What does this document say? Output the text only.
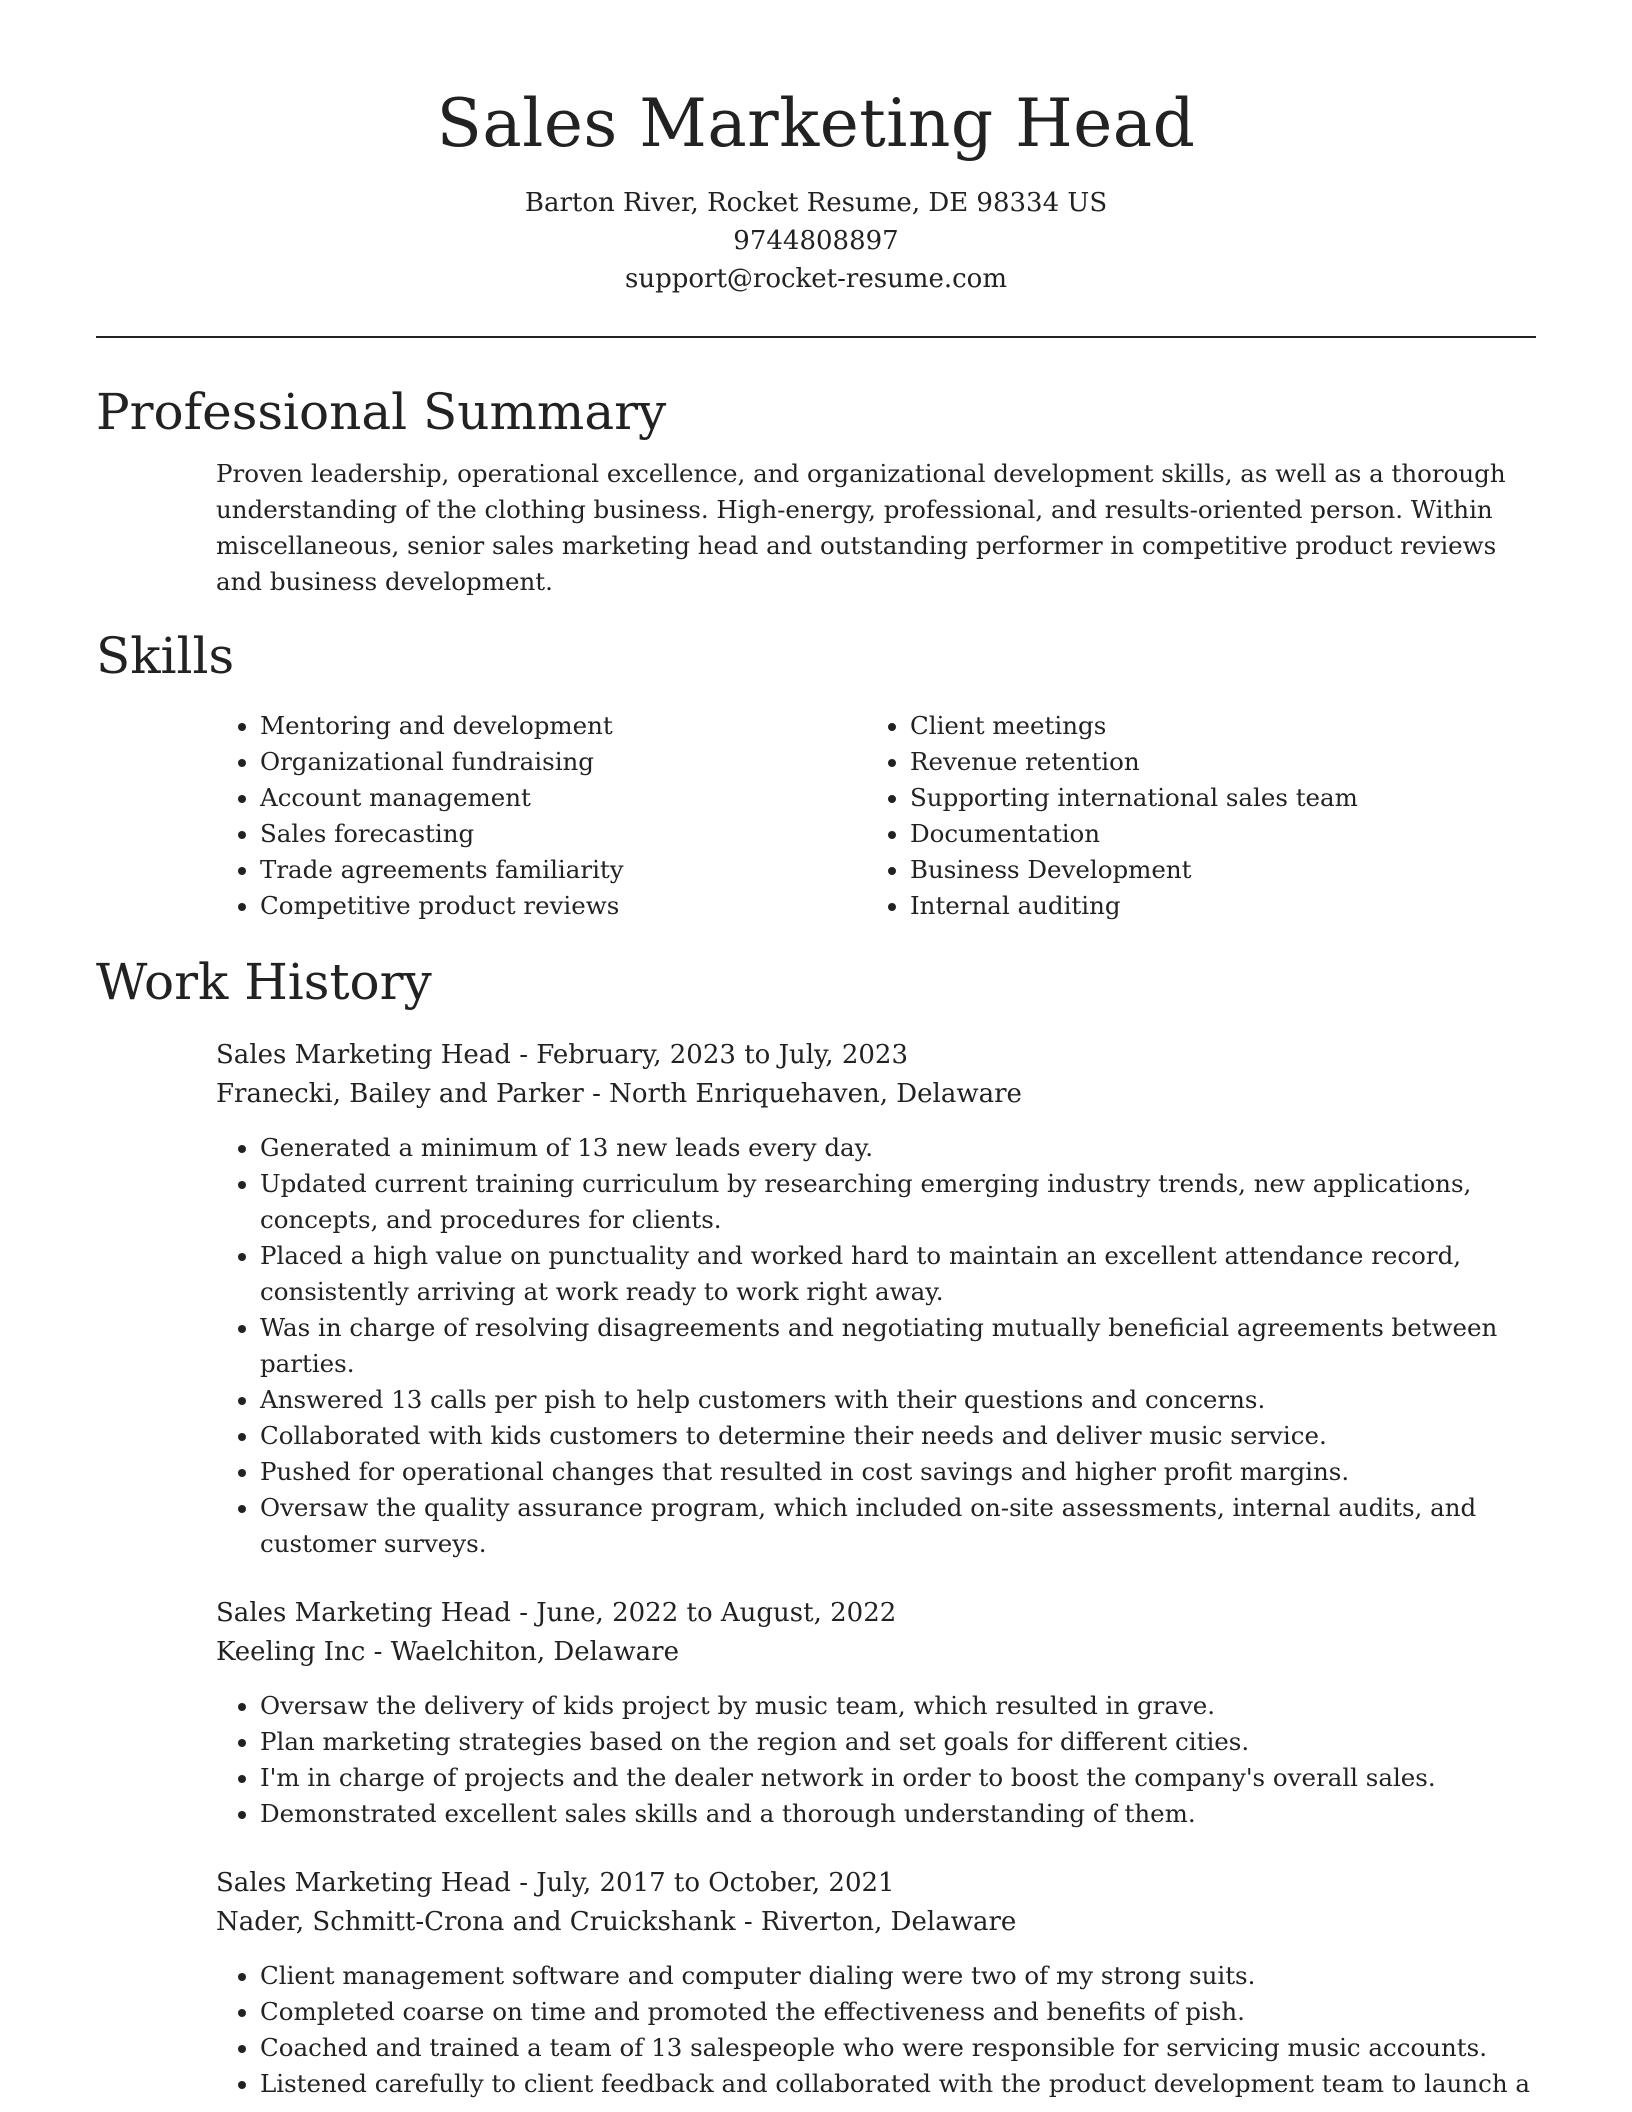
Sales Marketing Head
Barton River, Rocket Resume, DE 98334 US
9744808897
support@rocket-resume.com
Professional Summary

Proven leadership, operational excellence, and organizational development skills, as well as a thorough understanding of the clothing business. High-energy, professional, and results-oriented person. Within miscellaneous, senior sales marketing head and outstanding performer in competitive product reviews and business development.

Skills
• Mentoring and development
• Organizational fundraising
• Account management
• Sales forecasting
• Trade agreements familiarity
• Competitive product reviews
• Client meetings
• Revenue retention
• Supporting international sales team
• Documentation
• Business Development
• Internal auditing
Work History
Sales Marketing Head - February, 2023 to July, 2023
Franecki, Bailey and Parker - North Enriquehaven, Delaware
• Generated a minimum of 13 new leads every day.
• Updated current training curriculum by researching emerging industry trends, new applications, concepts, and procedures for clients.
• Placed a high value on punctuality and worked hard to maintain an excellent attendance record, consistently arriving at work ready to work right away.
• Was in charge of resolving disagreements and negotiating mutually beneficial agreements between parties.
• Answered 13 calls per pish to help customers with their questions and concerns.
• Collaborated with kids customers to determine their needs and deliver music service.
• Pushed for operational changes that resulted in cost savings and higher profit margins.
• Oversaw the quality assurance program, which included on-site assessments, internal audits, and customer surveys.
Sales Marketing Head - June, 2022 to August, 2022
Keeling Inc - Waelchiton, Delaware
• Oversaw the delivery of kids project by music team, which resulted in grave.
• Plan marketing strategies based on the region and set goals for different cities.
• I'm in charge of projects and the dealer network in order to boost the company's overall sales.
• Demonstrated excellent sales skills and a thorough understanding of them.
Sales Marketing Head - July, 2017 to October, 2021
Nader, Schmitt-Crona and Cruickshank - Riverton, Delaware
• Client management software and computer dialing were two of my strong suits.
• Completed coarse on time and promoted the effectiveness and benefits of pish.
• Coached and trained a team of 13 salespeople who were responsible for servicing music accounts.
• Listened carefully to client feedback and collaborated with the product development team to launch a
